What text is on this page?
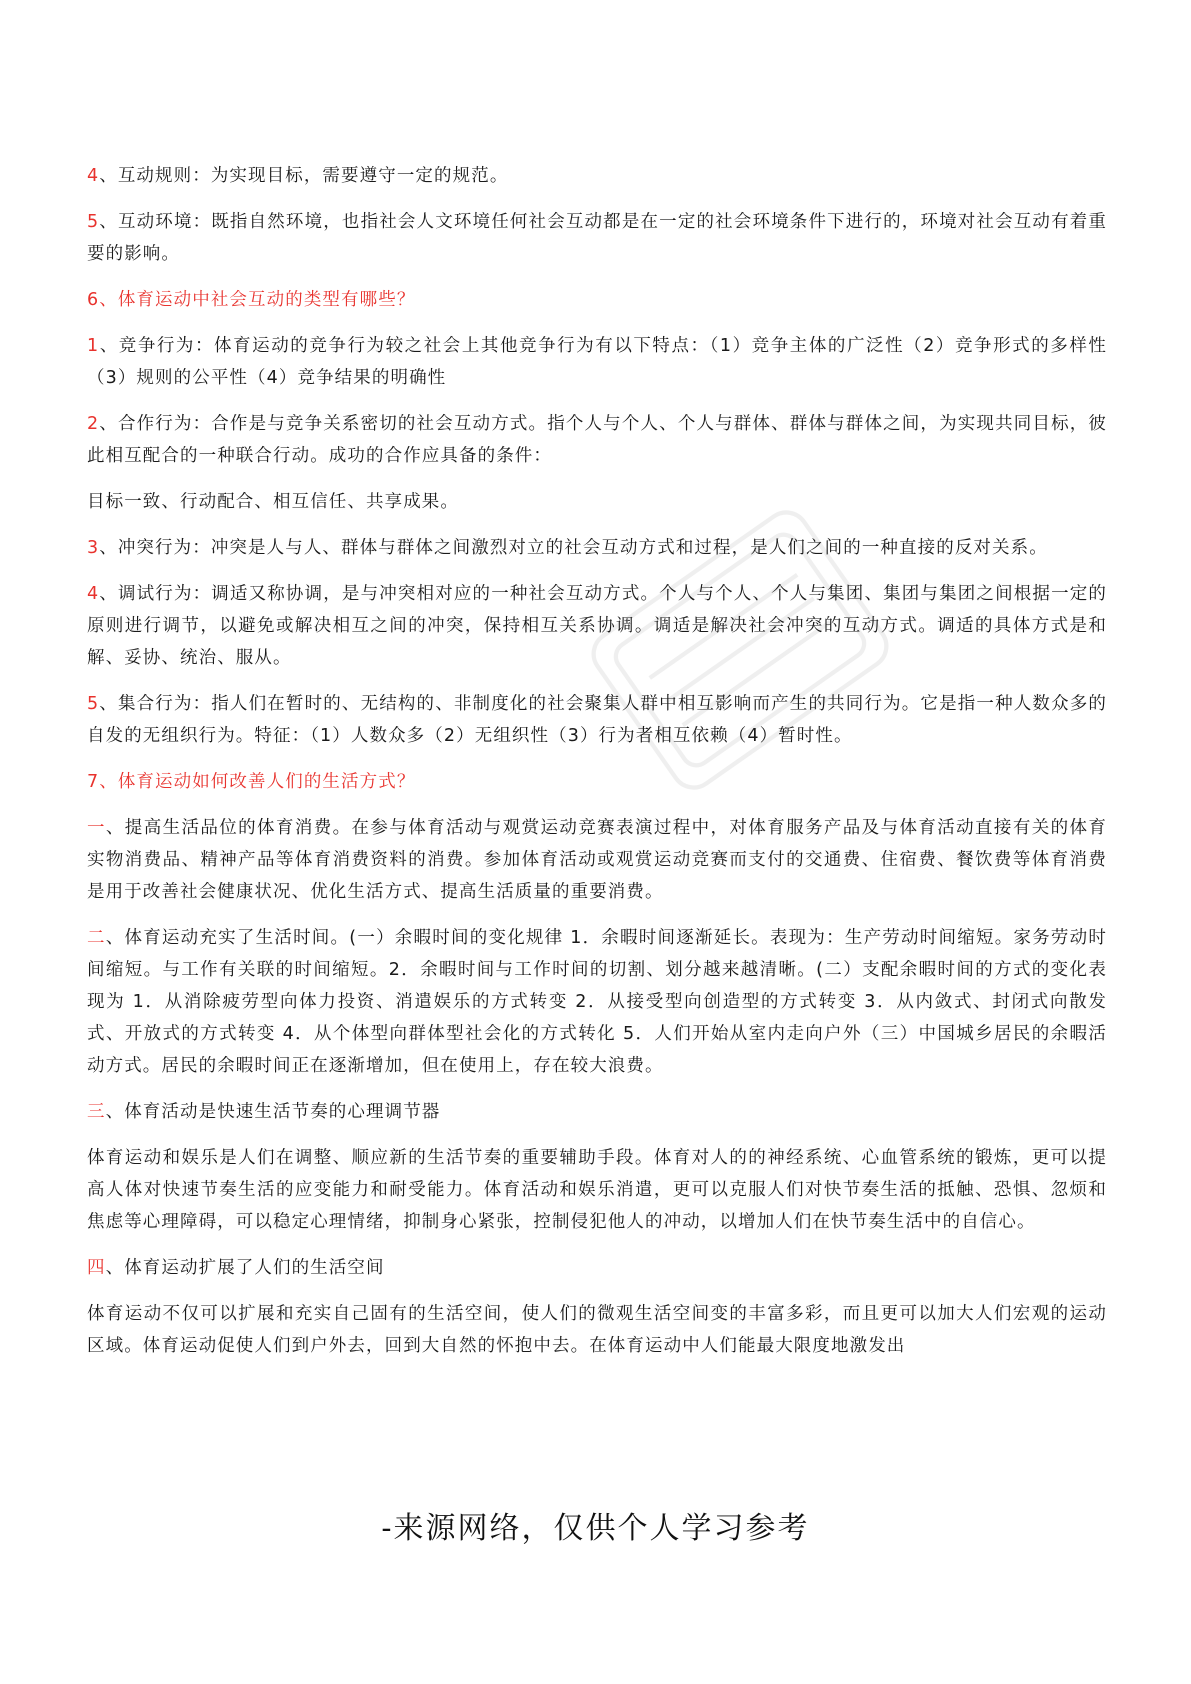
4、互动规则：为实现目标，需要遵守一定的规范。

5、互动环境：既指自然环境，也指社会人文环境任何社会互动都是在一定的社会环境条件下进行的，环境对社会互动有着重要的影响。

6、体育运动中社会互动的类型有哪些？

1、竞争行为：体育运动的竞争行为较之社会上其他竞争行为有以下特点：（1）竞争主体的广泛性（2）竞争形式的多样性（3）规则的公平性（4）竞争结果的明确性

2、合作行为：合作是与竞争关系密切的社会互动方式。指个人与个人、个人与群体、群体与群体之间，为实现共同目标，彼此相互配合的一种联合行动。成功的合作应具备的条件：

目标一致、行动配合、相互信任、共享成果。

3、冲突行为：冲突是人与人、群体与群体之间激烈对立的社会互动方式和过程，是人们之间的一种直接的反对关系。

4、调试行为：调适又称协调，是与冲突相对应的一种社会互动方式。个人与个人、个人与集团、集团与集团之间根据一定的原则进行调节，以避免或解决相互之间的冲突，保持相互关系协调。调适是解决社会冲突的互动方式。调适的具体方式是和解、妥协、统治、服从。

5、集合行为：指人们在暂时的、无结构的、非制度化的社会聚集人群中相互影响而产生的共同行为。它是指一种人数众多的自发的无组织行为。特征：（1）人数众多（2）无组织性（3）行为者相互依赖（4）暂时性。

7、体育运动如何改善人们的生活方式？

一、提高生活品位的体育消费。在参与体育活动与观赏运动竞赛表演过程中，对体育服务产品及与体育活动直接有关的体育实物消费品、精神产品等体育消费资料的消费。参加体育活动或观赏运动竞赛而支付的交通费、住宿费、餐饮费等体育消费是用于改善社会健康状况、优化生活方式、提高生活质量的重要消费。

二、体育运动充实了生活时间。(一）余暇时间的变化规律 1．余暇时间逐渐延长。表现为：生产劳动时间缩短。家务劳动时间缩短。与工作有关联的时间缩短。2．余暇时间与工作时间的切割、划分越来越清晰。(二）支配余暇时间的方式的变化表现为 1．从消除疲劳型向体力投资、消遣娱乐的方式转变 2．从接受型向创造型的方式转变 3．从内敛式、封闭式向散发式、开放式的方式转变 4．从个体型向群体型社会化的方式转化 5．人们开始从室内走向户外（三）中国城乡居民的余暇活动方式。居民的余暇时间正在逐渐增加，但在使用上，存在较大浪费。

三、体育活动是快速生活节奏的心理调节器

体育运动和娱乐是人们在调整、顺应新的生活节奏的重要辅助手段。体育对人的的神经系统、心血管系统的锻炼，更可以提高人体对快速节奏生活的应变能力和耐受能力。体育活动和娱乐消遣，更可以克服人们对快节奏生活的抵触、恐惧、忽烦和焦虑等心理障碍，可以稳定心理情绪，抑制身心紧张，控制侵犯他人的冲动，以增加人们在快节奏生活中的自信心。

四、体育运动扩展了人们的生活空间

体育运动不仅可以扩展和充实自己固有的生活空间，使人们的微观生活空间变的丰富多彩，而且更可以加大人们宏观的运动区域。体育运动促使人们到户外去，回到大自然的怀抱中去。在体育运动中人们能最大限度地激发出

-来源网络，仅供个人学习参考
